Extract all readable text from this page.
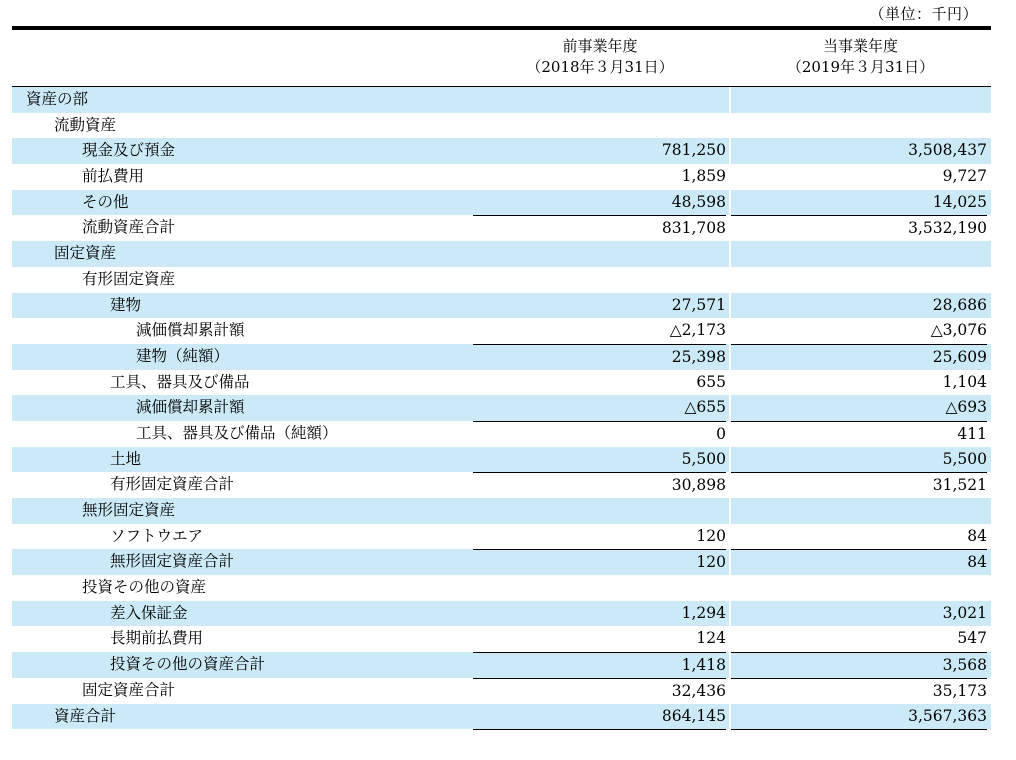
（単位：千円）
前事業年度
（2018年３月31日）
当事業年度
（2019年３月31日）
資産の部
流動資産
現金及び預金	781,250	3,508,437
前払費用	1,859	9,727
その他	48,598	14,025
流動資産合計	831,708	3,532,190
固定資産
有形固定資産
建物	27,571	28,686
減価償却累計額	△2,173	△3,076
建物（純額）	25,398	25,609
工具、器具及び備品	655	1,104
減価償却累計額	△655	△693
工具、器具及び備品（純額）	0	411
土地	5,500	5,500
有形固定資産合計	30,898	31,521
無形固定資産
ソフトウエア	120	84
無形固定資産合計	120	84
投資その他の資産
差入保証金	1,294	3,021
長期前払費用	124	547
投資その他の資産合計	1,418	3,568
固定資産合計	32,436	35,173
資産合計	864,145	3,567,363
